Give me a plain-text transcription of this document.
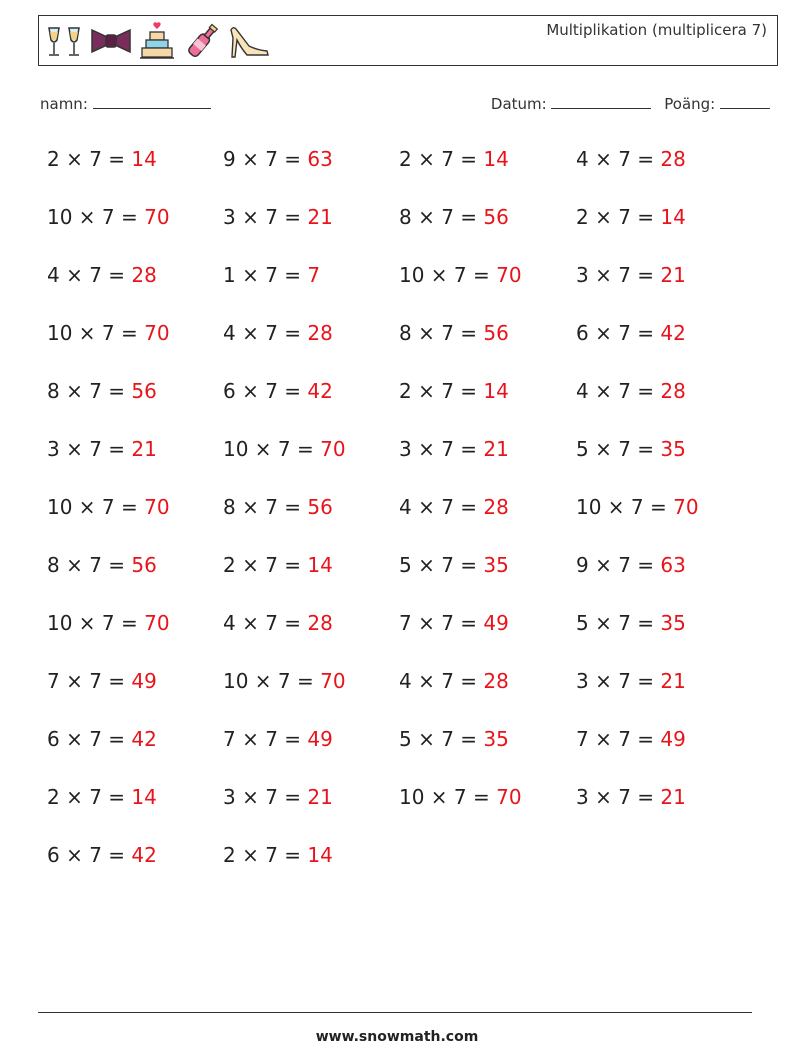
Multiplikation (multiplicera 7)
namn:	Datum:	Poäng:
2 × 7 = 14
10 × 7 = 70
4 × 7 = 28
10 × 7 = 70
8 × 7 = 56
3 × 7 = 21
10 × 7 = 70
8 × 7 = 56
10 × 7 = 70
7 × 7 = 49
6 × 7 = 42
2 × 7 = 14
6 × 7 = 42
9 × 7 = 63
3 × 7 = 21
1 × 7 = 7
4 × 7 = 28
6 × 7 = 42
10 × 7 = 70
8 × 7 = 56
2 × 7 = 14
4 × 7 = 28
10 × 7 = 70
7 × 7 = 49
3 × 7 = 21
2 × 7 = 14
2 × 7 = 14
8 × 7 = 56
10 × 7 = 70
8 × 7 = 56
2 × 7 = 14
3 × 7 = 21
4 × 7 = 28
5 × 7 = 35
7 × 7 = 49
4 × 7 = 28
5 × 7 = 35
10 × 7 = 70
4 × 7 = 28
2 × 7 = 14
3 × 7 = 21
6 × 7 = 42
4 × 7 = 28
5 × 7 = 35
10 × 7 = 70
9 × 7 = 63
5 × 7 = 35
3 × 7 = 21
7 × 7 = 49
3 × 7 = 21
www.snowmath.com
